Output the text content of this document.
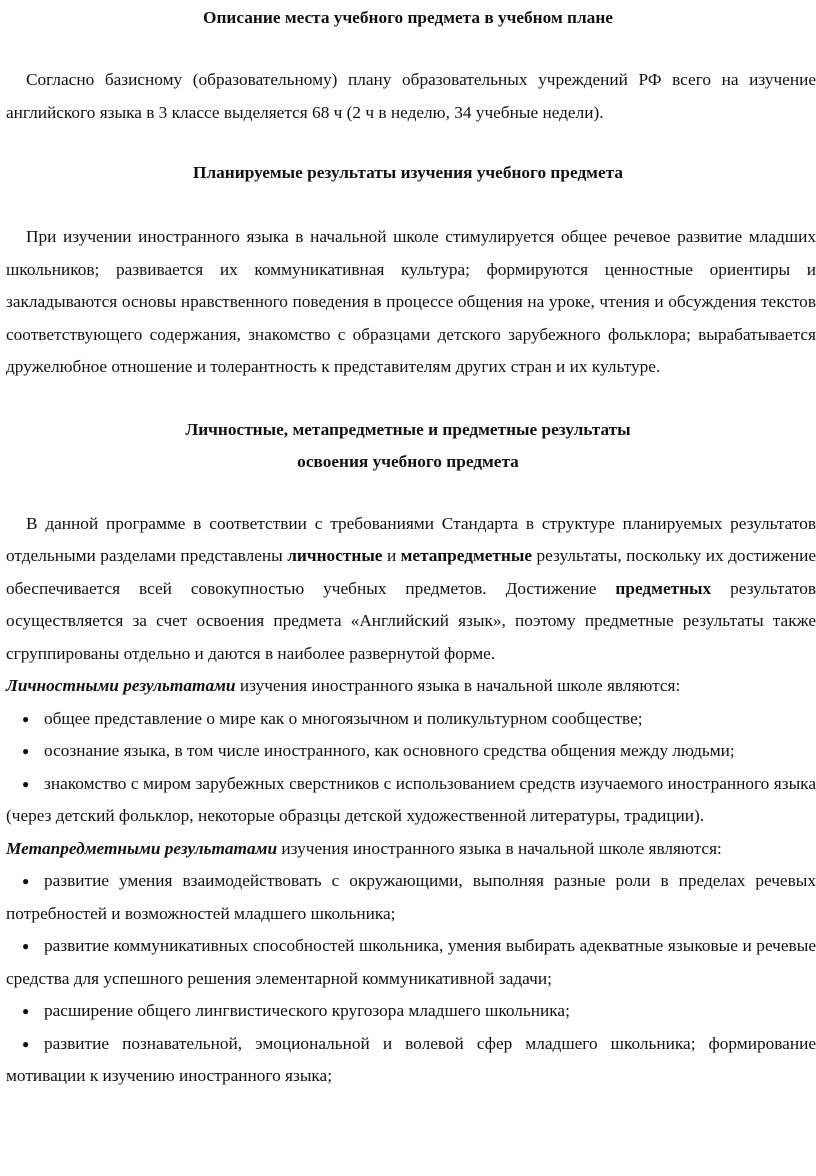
Описание места учебного предмета в учебном плане

Согласно базисному (образовательному) плану образовательных учреждений РФ всего на изучение английского языка в 3 классе выделяется 68 ч (2 ч в неделю, 34 учебные недели).

Планируемые результаты изучения учебного предмета

При изучении иностранного языка в начальной школе стимулируется общее речевое развитие младших школьников; развивается их коммуникативная культура; формируются ценностные ориентиры и закладываются основы нравственного поведения в процессе общения на уроке, чтения и обсуждения текстов соответствующего содержания, знакомство с образцами детского зарубежного фольклора; вырабатывается дружелюбное отношение и толерантность к представителям других стран и их культуре.

Личностные, метапредметные и предметные результаты

освоения учебного предмета

В данной программе в соответствии с требованиями Стандарта в структуре планируемых результатов отдельными разделами представлены личностные и метапредметные результаты, поскольку их достижение обеспечивается всей совокупностью учебных предметов. Достижение предметных результатов осуществляется за счет освоения предмета «Английский язык», поэтому предметные результаты также сгруппированы отдельно и даются в наиболее развернутой форме.

Личностными результатами изучения иностранного языка в начальной школе являются:

● общее представление о мире как о многоязычном и поликультурном сообществе;

● осознание языка, в том числе иностранного, как основного средства общения между людьми;

● знакомство с миром зарубежных сверстников с использованием средств изучаемого иностранного языка (через детский фольклор, некоторые образцы детской художественной литературы, традиции).

Метапредметными результатами изучения иностранного языка в начальной школе являются:

● развитие умения взаимодействовать с окружающими, выполняя разные роли в пределах речевых потребностей и возможностей младшего школьника;

● развитие коммуникативных способностей школьника, умения выбирать адекватные языковые и речевые средства для успешного решения элементарной коммуникативной задачи;

● расширение общего лингвистического кругозора младшего школьника;

● развитие познавательной, эмоциональной и волевой сфер младшего школьника; формирование мотивации к изучению иностранного языка;
